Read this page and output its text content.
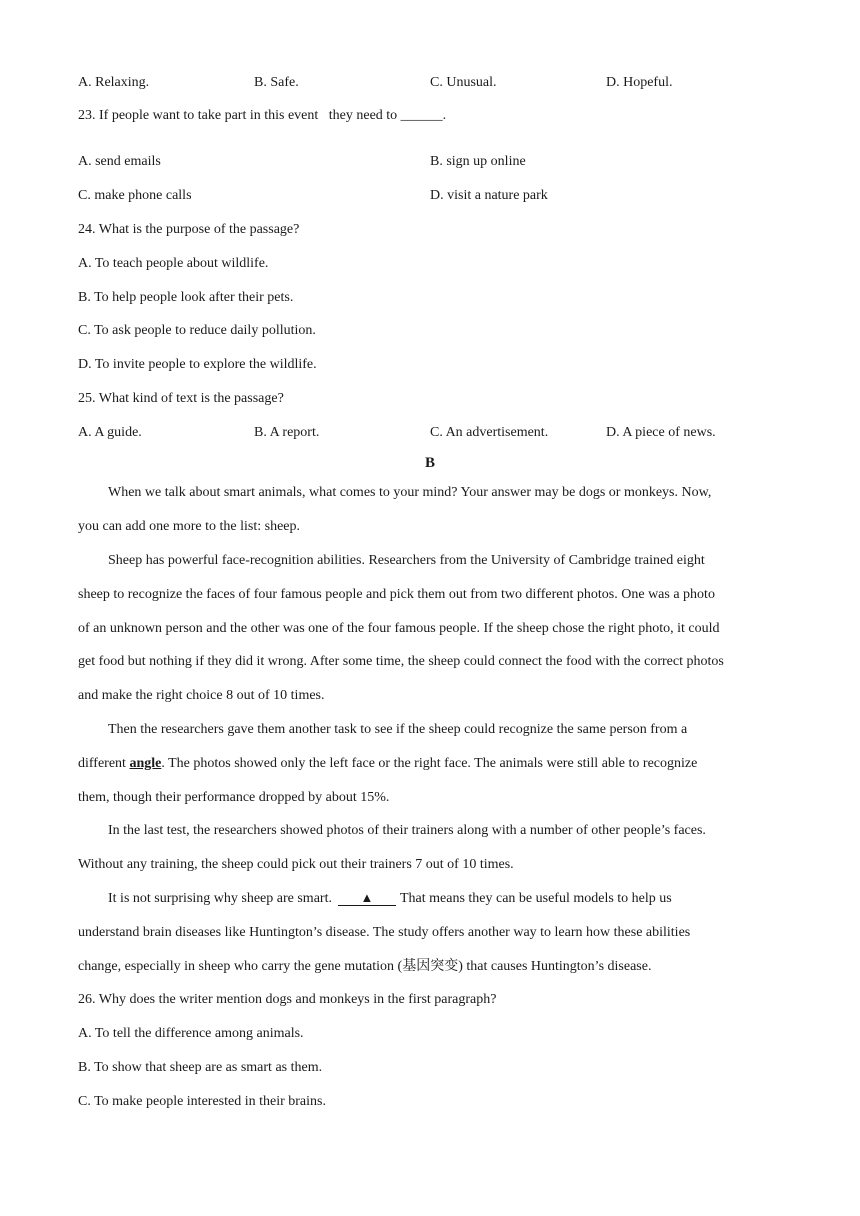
A. Relaxing.	B. Safe.	C. Unusual.	D. Hopeful.
23. If people want to take part in this event   they need to ______.
A. send emails	B. sign up online
C. make phone calls	D. visit a nature park
24. What is the purpose of the passage?
A. To teach people about wildlife.
B. To help people look after their pets.
C. To ask people to reduce daily pollution.
D. To invite people to explore the wildlife.
25. What kind of text is the passage?
A. A guide.	B. A report.	C. An advertisement.	D. A piece of news.
B
When we talk about smart animals, what comes to your mind? Your answer may be dogs or monkeys. Now,
you can add one more to the list: sheep.
Sheep has powerful face-recognition abilities. Researchers from the University of Cambridge trained eight
sheep to recognize the faces of four famous people and pick them out from two different photos. One was a photo
of an unknown person and the other was one of the four famous people. If the sheep chose the right photo, it could
get food but nothing if they did it wrong. After some time, the sheep could connect the food with the correct photos
and make the right choice 8 out of 10 times.
Then the researchers gave them another task to see if the sheep could recognize the same person from a
different angle. The photos showed only the left face or the right face. The animals were still able to recognize
them, though their performance dropped by about 15%.
In the last test, the researchers showed photos of their trainers along with a number of other people’s faces.
Without any training, the sheep could pick out their trainers 7 out of 10 times.
It is not surprising why sheep are smart. ▲ That means they can be useful models to help us
understand brain diseases like Huntington’s disease. The study offers another way to learn how these abilities
change, especially in sheep who carry the gene mutation (基因突变) that causes Huntington’s disease.
26. Why does the writer mention dogs and monkeys in the first paragraph?
A. To tell the difference among animals.
B. To show that sheep are as smart as them.
C. To make people interested in their brains.
